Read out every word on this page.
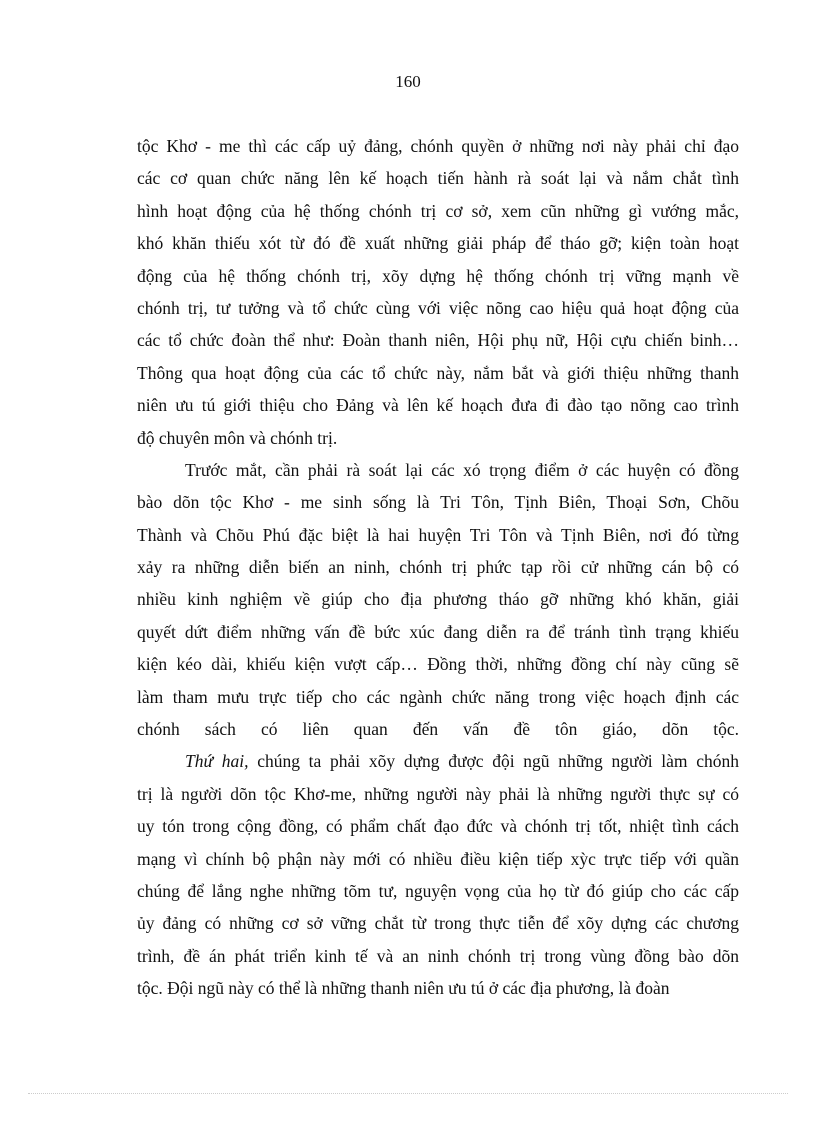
160
tộc Khơ - me thì các cấp uỷ đảng, chónh quyền ở những nơi này phải chỉ đạo
các cơ quan chức năng lên kế hoạch tiến hành rà soát lại và nắm chắt tình
hình hoạt động của hệ thống chónh trị cơ sở, xem cũn những gì vướng mắc,
khó khăn thiếu xót từ đó đề xuất những giải pháp để tháo gỡ; kiện toàn hoạt
động của hệ thống chónh trị, xõy dựng hệ thống chónh trị vững mạnh về
chónh trị, tư tưởng và tổ chức cùng với việc nõng cao hiệu quả hoạt động của
các tổ chức đoàn thể như: Đoàn thanh niên, Hội phụ nữ, Hội cựu chiến binh…
Thông qua hoạt động của các tổ chức này, nắm bắt và giới thiệu những thanh
niên ưu tú giới thiệu cho Đảng và lên kế hoạch đưa đi đào tạo nõng cao trình
độ chuyên môn và chónh trị.
Trước mắt, cần phải rà soát lại các xó trọng điểm ở các huyện có đồng
bào dõn tộc Khơ - me sinh sống là Tri Tôn, Tịnh Biên, Thoại Sơn, Chõu
Thành và Chõu Phú đặc biệt là hai huyện Tri Tôn và Tịnh Biên, nơi đó từng
xảy ra những diễn biến an ninh, chónh trị phức tạp rồi cử những cán bộ có
nhiều kinh nghiệm về giúp cho địa phương tháo gỡ những khó khăn, giải
quyết dứt điểm những vấn đề bức xúc đang diễn ra để tránh tình trạng khiếu
kiện kéo dài, khiếu kiện vượt cấp… Đồng thời, những đồng chí này cũng sẽ
làm tham mưu trực tiếp cho các ngành chức năng trong việc hoạch định các
chónh sách có liên quan đến vấn đề tôn giáo, dõn tộc.
Thứ hai, chúng ta phải xõy dựng được đội ngũ những người làm chónh
trị là người dõn tộc Khơ-me, những người này phải là những người thực sự có
uy tón trong cộng đồng, có phẩm chất đạo đức và chónh trị tốt, nhiệt tình cách
mạng vì chính bộ phận này mới có nhiều điều kiện tiếp xỳc trực tiếp với quần
chúng để lắng nghe những tõm tư, nguyện vọng của họ từ đó giúp cho các cấp
ủy đảng có những cơ sở vững chắt từ trong thực tiễn để xõy dựng các chương
trình, đề án phát triển kinh tế và an ninh chónh trị trong vùng đồng bào dõn
tộc. Đội ngũ này có thể là những thanh niên ưu tú ở các địa phương, là đoàn
